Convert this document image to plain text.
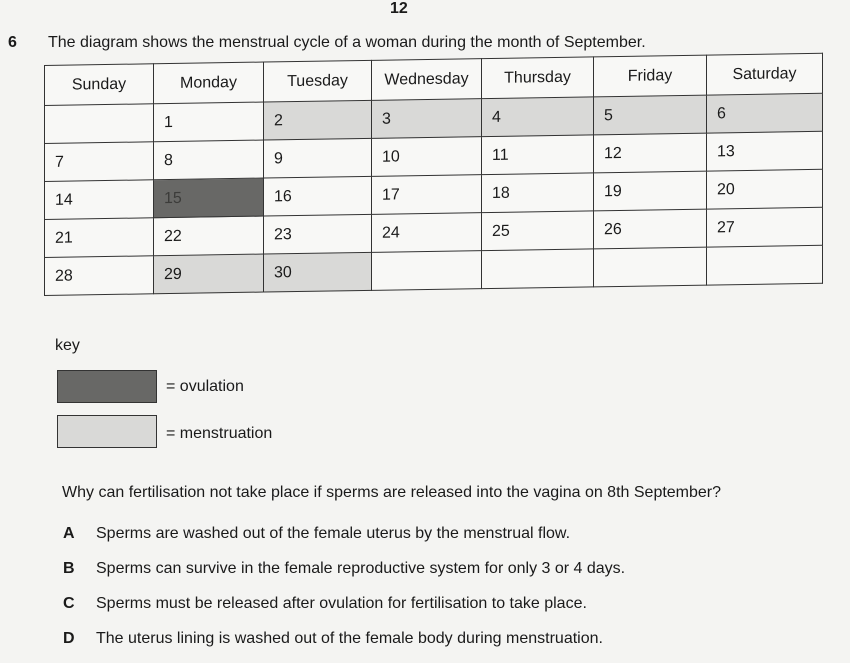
12
6 The diagram shows the menstrual cycle of a woman during the month of September.
Sunday	Monday	Tuesday	Wednesday	Thursday	Friday	Saturday
	1	2	3	4	5	6
7	8	9	10	11	12	13
14	15	16	17	18	19	20
21	22	23	24	25	26	27
28	29	30				
key
= ovulation
= menstruation
Why can fertilisation not take place if sperms are released into the vagina on 8th September?
A Sperms are washed out of the female uterus by the menstrual flow.
B Sperms can survive in the female reproductive system for only 3 or 4 days.
C Sperms must be released after ovulation for fertilisation to take place.
D The uterus lining is washed out of the female body during menstruation.
